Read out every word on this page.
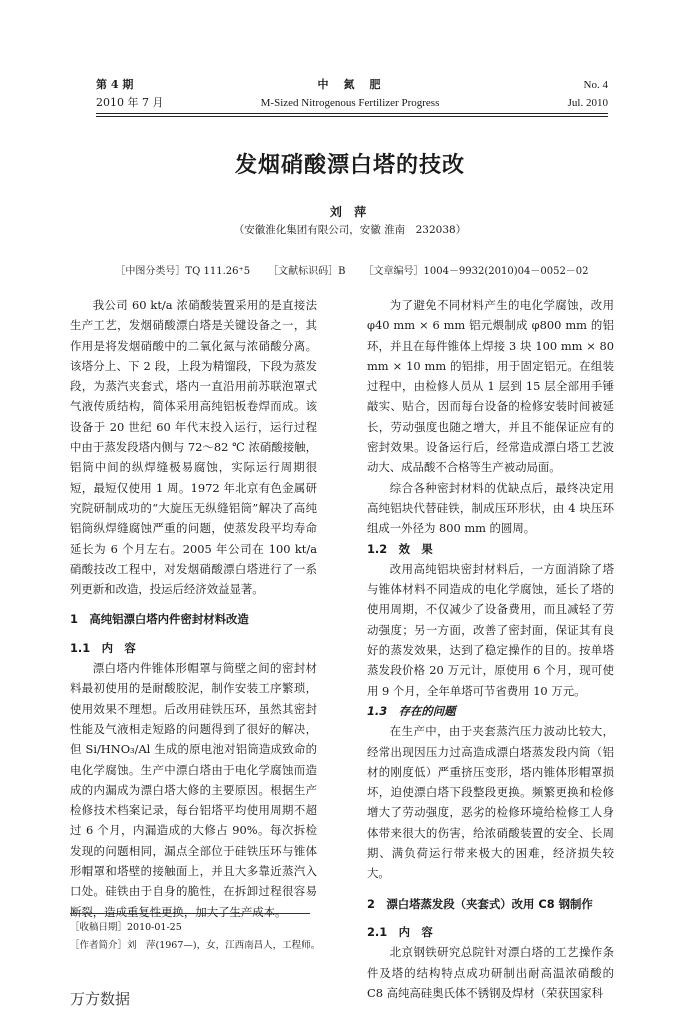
第 4 期
2010 年 7 月
中　氮　肥
M-Sized Nitrogenous Fertilizer Progress
No. 4
Jul. 2010
发烟硝酸漂白塔的技改
刘 萍
（安徽淮化集团有限公司，安徽 淮南　232038）
［中图分类号］TQ 111.26⁺5 ［文献标识码］B ［文章编号］1004－9932(2010)04－0052－02

我公司 60 kt/a 浓硝酸装置采用的是直接法生产工艺，发烟硝酸漂白塔是关键设备之一，其作用是将发烟硝酸中的二氧化氮与浓硝酸分离。该塔分上、下 2 段，上段为精馏段，下段为蒸发段，为蒸汽夹套式，塔内一直沿用前苏联泡罩式气液传质结构，简体采用高纯铝板卷焊而成。该设备于 20 世纪 60 年代末投入运行，运行过程中由于蒸发段塔内侧与 72～82 ℃ 浓硝酸接触，铝筒中间的纵焊缝极易腐蚀，实际运行周期很短，最短仅使用 1 周。1972 年北京有色金属研究院研制成功的“大旋压无纵缝铝筒”解决了高纯铝筒纵焊缝腐蚀严重的问题，使蒸发段平均寿命延长为 6 个月左右。2005 年公司在 100 kt/a 硝酸技改工程中，对发烟硝酸漂白塔进行了一系列更新和改造，投运后经济效益显著。

1　高纯铝漂白塔内件密封材料改造

1.1　内　容

漂白塔内件锥体形帽罩与筒壁之间的密封材料最初使用的是耐酸胶泥，制作安装工序繁琐，使用效果不理想。后改用硅铁压环，虽然其密封性能及气液相走短路的问题得到了很好的解决，但 Si/HNO₃/Al 生成的原电池对铝筒造成致命的电化学腐蚀。生产中漂白塔由于电化学腐蚀而造成的内漏成为漂白塔大修的主要原因。根据生产检修技术档案记录，每台铝塔平均使用周期不超过 6 个月，内漏造成的大修占 90%。每次拆检发现的问题相同，漏点全部位于硅铁压环与锥体形帽罩和塔壁的接触面上，并且大多靠近蒸汽入口处。硅铁由于自身的脆性，在拆卸过程很容易断裂，造成重复性更换，加大了生产成本。

为了避免不同材料产生的电化学腐蚀，改用 φ40 mm × 6 mm 铝元煨制成 φ800 mm 的铝环，并且在每件锥体上焊接 3 块 100 mm × 80 mm × 10 mm 的铝排，用于固定铝元。在组装过程中，由检修人员从 1 层到 15 层全部用手锤敲实、贴合，因而每台设备的检修安装时间被延长，劳动强度也随之增大，并且不能保证应有的密封效果。设备运行后，经常造成漂白塔工艺波动大、成品酸不合格等生产被动局面。

综合各种密封材料的优缺点后，最终决定用高纯铝块代替硅铁，制成压环形状，由 4 块压环组成一外径为 800 mm 的圆周。

1.2　效　果

改用高纯铝块密封材料后，一方面消除了塔与锥体材料不同造成的电化学腐蚀，延长了塔的使用周期，不仅减少了设备费用，而且减轻了劳动强度；另一方面，改善了密封面，保证其有良好的蒸发效果，达到了稳定操作的目的。按单塔蒸发段价格 20 万元计，原使用 6 个月，现可使用 9 个月，全年单塔可节省费用 10 万元。

1.3　存在的问题

在生产中，由于夹套蒸汽压力波动比较大，经常出现因压力过高造成漂白塔蒸发段内筒（铝材的刚度低）严重挤压变形，塔内锥体形帽罩损坏，迫使漂白塔下段整段更换。频繁更换和检修增大了劳动强度，恶劣的检修环境给检修工人身体带来很大的伤害，给浓硝酸装置的安全、长周期、满负荷运行带来极大的困难，经济损失较大。

2　漂白塔蒸发段（夹套式）改用 C8 钢制作

2.1　内　容

北京钢铁研究总院针对漂白塔的工艺操作条件及塔的结构特点成功研制出耐高温浓硝酸的 C8 高纯高硅奥氏体不锈钢及焊材（荣获国家科

［收稿日期］2010-01-25
［作者简介］刘　萍(1967—)，女，江西南昌人，工程师。
万方数据
